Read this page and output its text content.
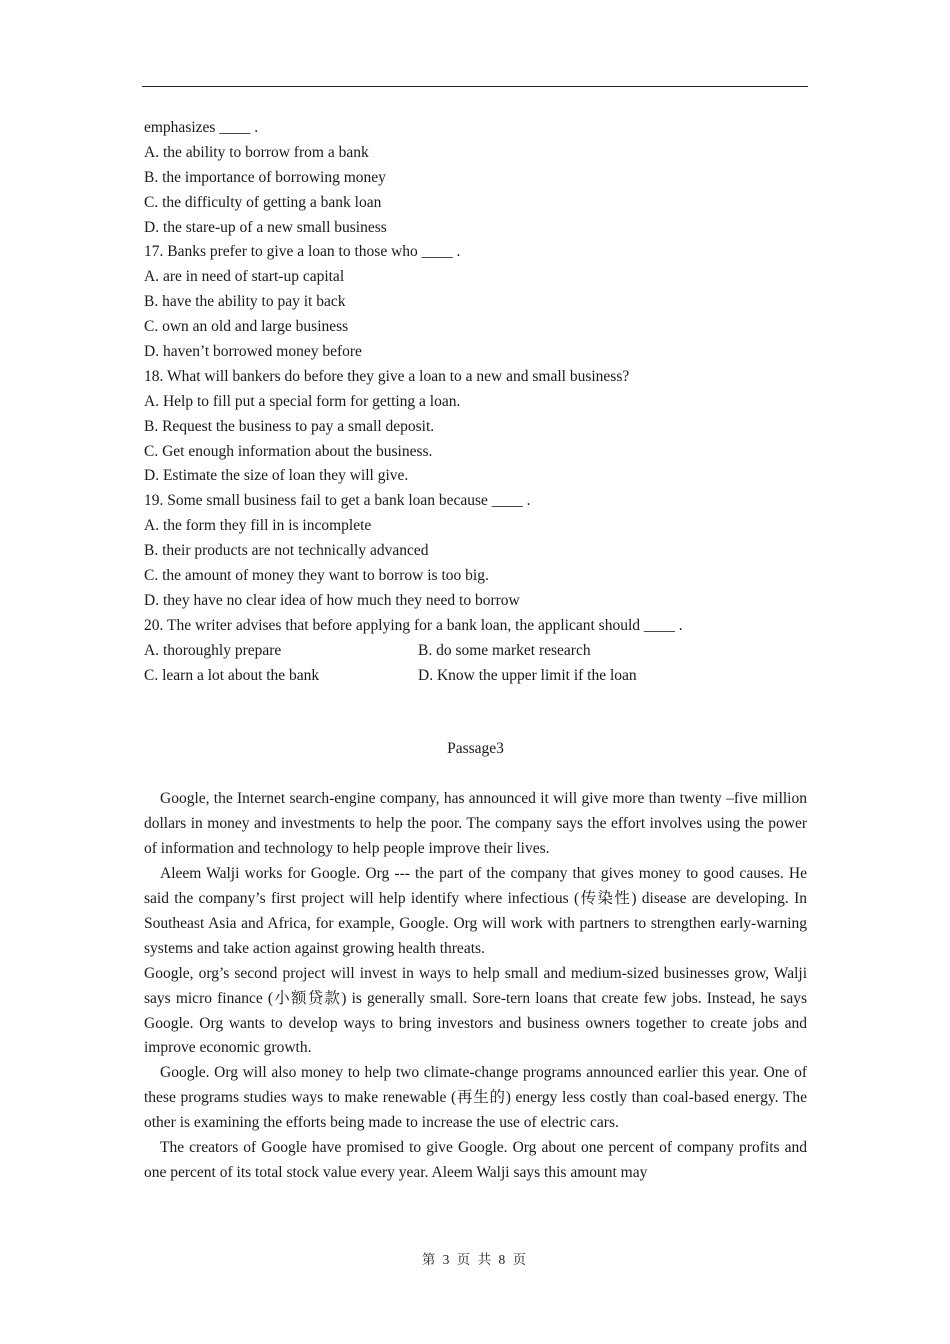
emphasizes ____ .
A. the ability to borrow from a bank
B. the importance of borrowing money
C. the difficulty of getting a bank loan
D. the stare-up of a new small business
17. Banks prefer to give a loan to those who ____ .
A. are in need of start-up capital
B. have the ability to pay it back
C. own an old and large business
D. haven’t borrowed money before
18. What will bankers do before they give a loan to a new and small business?
A. Help to fill put a special form for getting a loan.
B. Request the business to pay a small deposit.
C. Get enough information about the business.
D. Estimate the size of loan they will give.
19. Some small business fail to get a bank loan because ____ .
A. the form they fill in is incomplete
B. their products are not technically advanced
C. the amount of money they want to borrow is too big.
D. they have no clear idea of how much they need to borrow
20. The writer advises that before applying for a bank loan, the applicant should ____ .
A. thoroughly prepare	B. do some market research
C. learn a lot about the bank	D. Know the upper limit if the loan
Passage3
Google, the Internet search-engine company, has announced it will give more than twenty –five million dollars in money and investments to help the poor. The company says the effort involves using the power of information and technology to help people improve their lives.
Aleem Walji works for Google. Org --- the part of the company that gives money to good causes. He said the company’s first project will help identify where infectious (传染性) disease are developing. In Southeast Asia and Africa, for example, Google. Org will work with partners to strengthen early-warning systems and take action against growing health threats.
Google, org’s second project will invest in ways to help small and medium-sized businesses grow, Walji says micro finance (小额贷款) is generally small. Sore-tern loans that create few jobs. Instead, he says Google. Org wants to develop ways to bring investors and business owners together to create jobs and improve economic growth.
Google. Org will also money to help two climate-change programs announced earlier this year. One of these programs studies ways to make renewable (再生的) energy less costly than coal-based energy. The other is examining the efforts being made to increase the use of electric cars.
The creators of Google have promised to give Google. Org about one percent of company profits and one percent of its total stock value every year. Aleem Walji says this amount may
第 3 页 共 8 页
